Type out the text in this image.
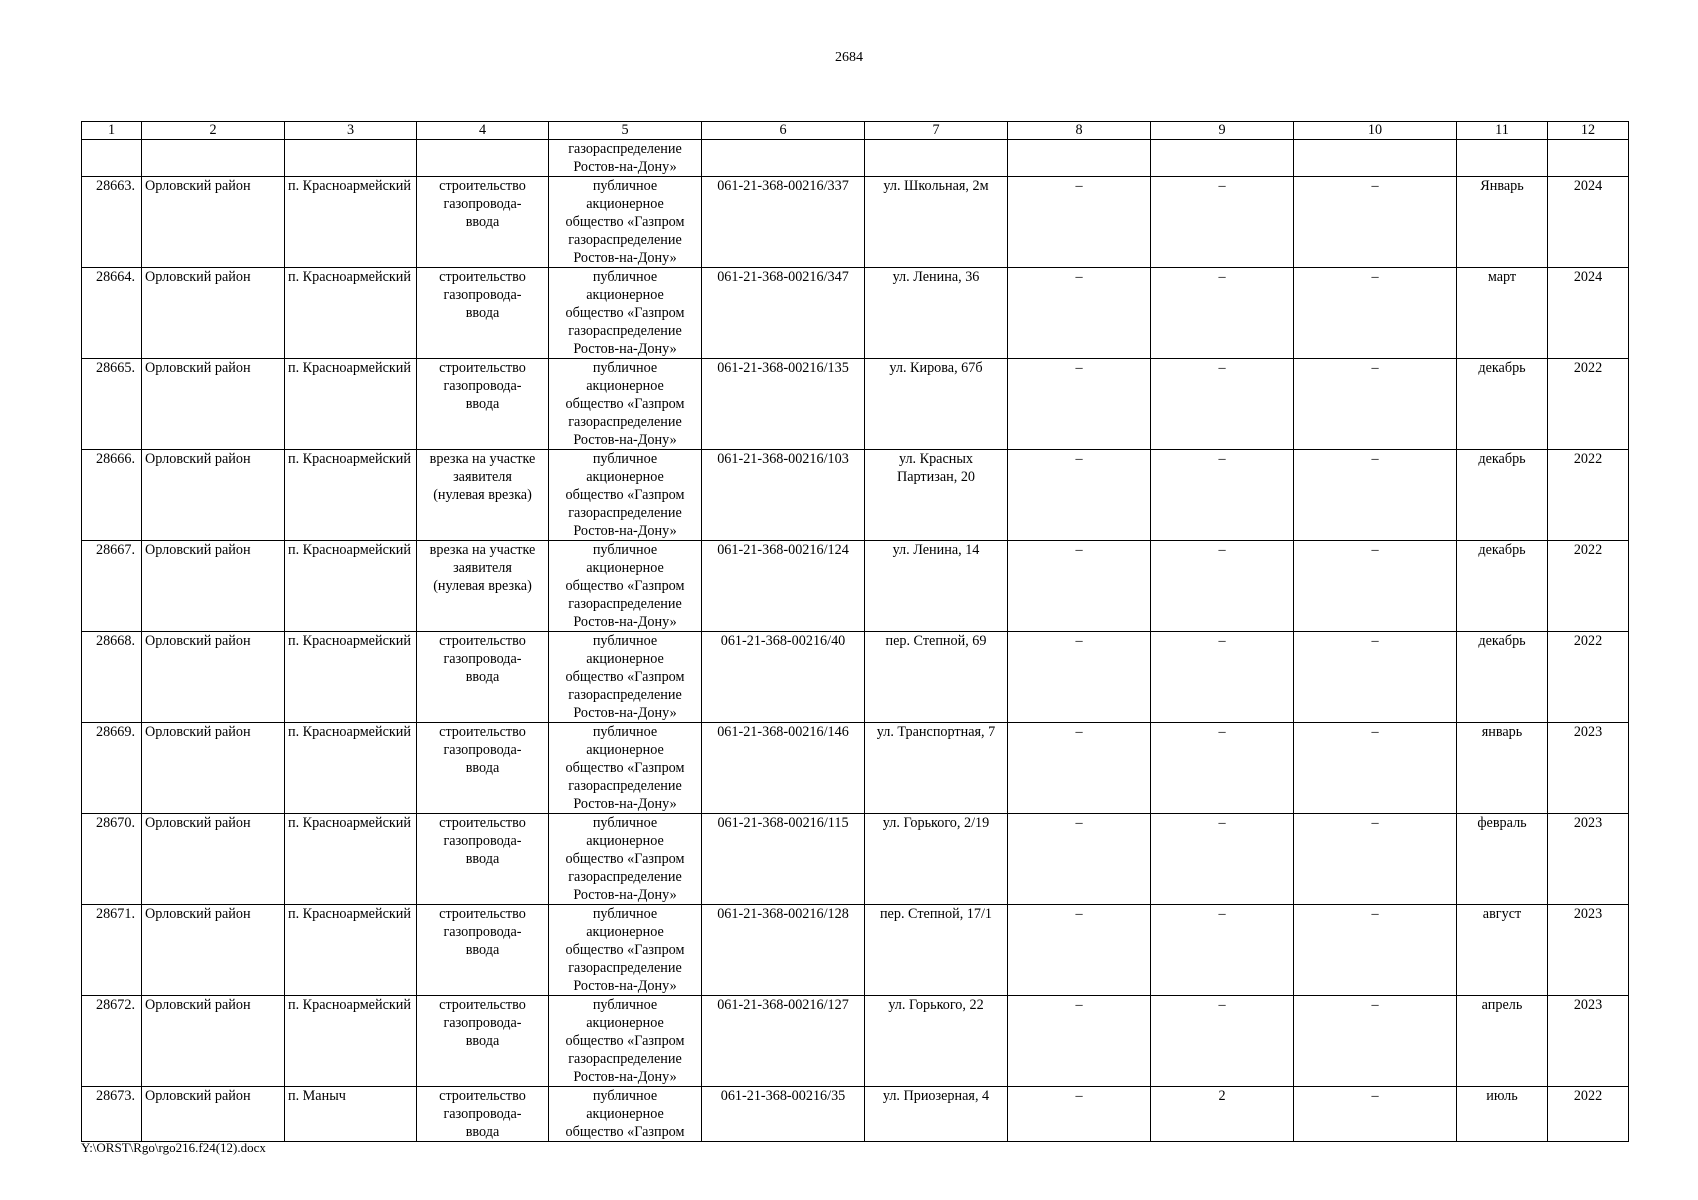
2684
1	2	3	4	5	6	7	8	9	10	11	12

				газораспределение
Ростов-на-Дону»							

28663.	Орловский район	п. Красноармейский	строительство
газопровода-
ввода	публичное
акционерное
общество «Газпром
газораспределение
Ростов-на-Дону»	061-21-368-00216/337	ул. Школьная, 2м	–	–	–	Январь	2024
28664.	Орловский район	п. Красноармейский	строительство
газопровода-
ввода	публичное
акционерное
общество «Газпром
газораспределение
Ростов-на-Дону»	061-21-368-00216/347	ул. Ленина, 36	–	–	–	март	2024
28665.	Орловский район	п. Красноармейский	строительство
газопровода-
ввода	публичное
акционерное
общество «Газпром
газораспределение
Ростов-на-Дону»	061-21-368-00216/135	ул. Кирова, 67б	–	–	–	декабрь	2022
28666.	Орловский район	п. Красноармейский	врезка на участке
заявителя
(нулевая врезка)	публичное
акционерное
общество «Газпром
газораспределение
Ростов-на-Дону»	061-21-368-00216/103	ул. Красных
Партизан, 20	–	–	–	декабрь	2022
28667.	Орловский район	п. Красноармейский	врезка на участке
заявителя
(нулевая врезка)	публичное
акционерное
общество «Газпром
газораспределение
Ростов-на-Дону»	061-21-368-00216/124	ул. Ленина, 14	–	–	–	декабрь	2022
28668.	Орловский район	п. Красноармейский	строительство
газопровода-
ввода	публичное
акционерное
общество «Газпром
газораспределение
Ростов-на-Дону»	061-21-368-00216/40	пер. Степной, 69	–	–	–	декабрь	2022
28669.	Орловский район	п. Красноармейский	строительство
газопровода-
ввода	публичное
акционерное
общество «Газпром
газораспределение
Ростов-на-Дону»	061-21-368-00216/146	ул. Транспортная, 7	–	–	–	январь	2023
28670.	Орловский район	п. Красноармейский	строительство
газопровода-
ввода	публичное
акционерное
общество «Газпром
газораспределение
Ростов-на-Дону»	061-21-368-00216/115	ул. Горького, 2/19	–	–	–	февраль	2023
28671.	Орловский район	п. Красноармейский	строительство
газопровода-
ввода	публичное
акционерное
общество «Газпром
газораспределение
Ростов-на-Дону»	061-21-368-00216/128	пер. Степной, 17/1	–	–	–	август	2023
28672.	Орловский район	п. Красноармейский	строительство
газопровода-
ввода	публичное
акционерное
общество «Газпром
газораспределение
Ростов-на-Дону»	061-21-368-00216/127	ул. Горького, 22	–	–	–	апрель	2023
28673.	Орловский район	п. Маныч	строительство
газопровода-
ввода	публичное
акционерное
общество «Газпром	061-21-368-00216/35	ул. Приозерная, 4	–	2	–	июль	2022
Y:\ORST\Rgo\rgo216.f24(12).docx
